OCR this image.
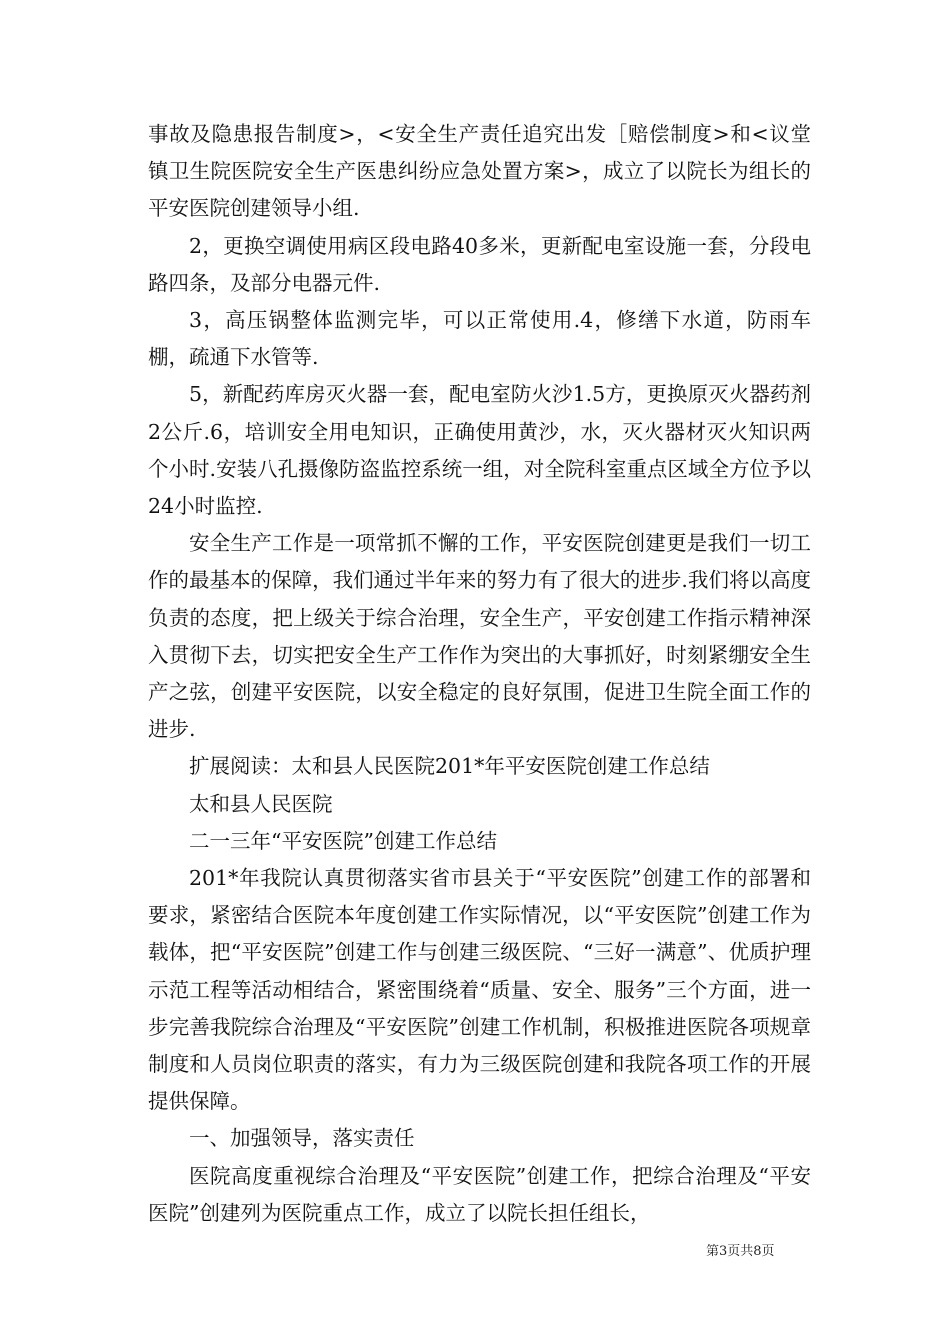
事故及隐患报告制度>，<安全生产责任追究出发［赔偿制度>和<议堂镇卫生院医院安全生产医患纠纷应急处置方案>，成立了以院长为组长的平安医院创建领导小组.

2，更换空调使用病区段电路40多米，更新配电室设施一套，分段电路四条，及部分电器元件.

3，高压锅整体监测完毕，可以正常使用.4，修缮下水道，防雨车棚，疏通下水管等.

5，新配药库房灭火器一套，配电室防火沙1.5方，更换原灭火器药剂2公斤.6，培训安全用电知识，正确使用黄沙，水，灭火器材灭火知识两个小时.安装八孔摄像防盗监控系统一组，对全院科室重点区域全方位予以24小时监控.

安全生产工作是一项常抓不懈的工作，平安医院创建更是我们一切工作的最基本的保障，我们通过半年来的努力有了很大的进步.我们将以高度负责的态度，把上级关于综合治理，安全生产，平安创建工作指示精神深入贯彻下去，切实把安全生产工作作为突出的大事抓好，时刻紧绷安全生产之弦，创建平安医院，以安全稳定的良好氛围，促进卫生院全面工作的进步.

扩展阅读：太和县人民医院201*年平安医院创建工作总结

太和县人民医院

二一三年“平安医院”创建工作总结

201*年我院认真贯彻落实省市县关于“平安医院”创建工作的部署和要求，紧密结合医院本年度创建工作实际情况，以“平安医院”创建工作为载体，把“平安医院”创建工作与创建三级医院、“三好一满意”、优质护理示范工程等活动相结合，紧密围绕着“质量、安全、服务”三个方面，进一步完善我院综合治理及“平安医院”创建工作机制，积极推进医院各项规章制度和人员岗位职责的落实，有力为三级医院创建和我院各项工作的开展提供保障。

一、加强领导，落实责任

医院高度重视综合治理及“平安医院”创建工作，把综合治理及“平安医院”创建列为医院重点工作，成立了以院长担任组长，

第3页共8页
